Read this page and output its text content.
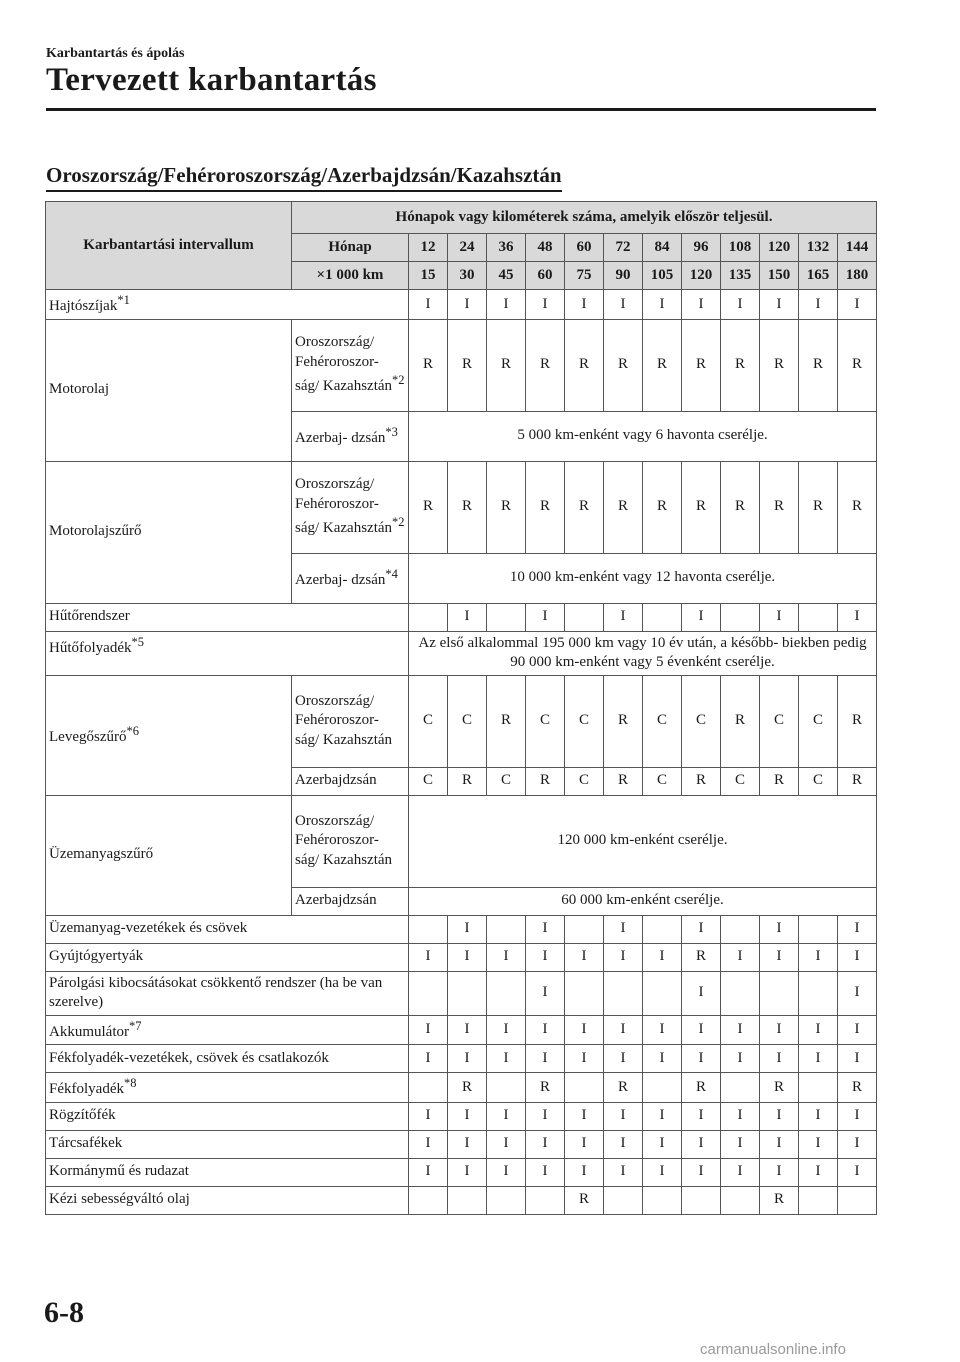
Karbantartás és ápolás
Tervezett karbantartás
Oroszország/Fehéroroszország/Azerbajdzsán/Kazahsztán
Karbantartási intervallum	Hónapok vagy kilométerek száma, amelyik először teljesül.												
	Hónap	12	24	36	48	60	72	84	96	108	120	132	144
	×1 000 km	15	30	45	60	75	90	105	120	135	150	165	180
Hajtószíjak$^{*1}$		I	I	I	I	I	I	I	I	I	I	I	I
Motorolaj	Oroszország/ Fehéroroszor- ság/ Kazahsztán$^{*2}$	R	R	R	R	R	R	R	R	R	R	R	R
	Azerbaj- dzsán$^{*3}$	5 000 km-enként vagy 6 havonta cserélje.											
Motorolajszűrő	Oroszország/ Fehéroroszor- ság/ Kazahsztán$^{*2}$	R	R	R	R	R	R	R	R	R	R	R	R
	Azerbaj- dzsán$^{*4}$	10 000 km-enként vagy 12 havonta cserélje.											
Hűtőrendszer			I		I		I		I		I		I
Hűtőfolyadék$^{*5}$		Az első alkalommal 195 000 km vagy 10 év után, a később- biekben pedig 90 000 km-enként vagy 5 évenként cserélje.											
Levegőszűrő$^{*6}$	Oroszország/ Fehéroroszor- ság/ Kazahsztán	C	C	R	C	C	R	C	C	R	C	C	R
	Azerbajdzsán	C	R	C	R	C	R	C	R	C	R	C	R
Üzemanyagszűrő	Oroszország/ Fehéroroszor- ság/ Kazahsztán	120 000 km-enként cserélje.											
	Azerbajdzsán	60 000 km-enként cserélje.											
Üzemanyag-vezetékek és csövek			I		I		I		I		I		I
Gyújtógyertyák		I	I	I	I	I	I	I	R	I	I	I	I
Párolgási kibocsátásokat csökkentő rendszer (ha be van szerelve)					I				I				I
Akkumulátor$^{*7}$		I	I	I	I	I	I	I	I	I	I	I	I
Fékfolyadék-vezetékek, csövek és csatlakozók		I	I	I	I	I	I	I	I	I	I	I	I
Fékfolyadék$^{*8}$			R		R		R		R		R		R
Rögzítőfék		I	I	I	I	I	I	I	I	I	I	I	I
Tárcsafékek		I	I	I	I	I	I	I	I	I	I	I	I
Kormánymű és rudazat		I	I	I	I	I	I	I	I	I	I	I	I
Kézi sebességváltó olaj						R					R		
6-8
carmanualsonline.info
